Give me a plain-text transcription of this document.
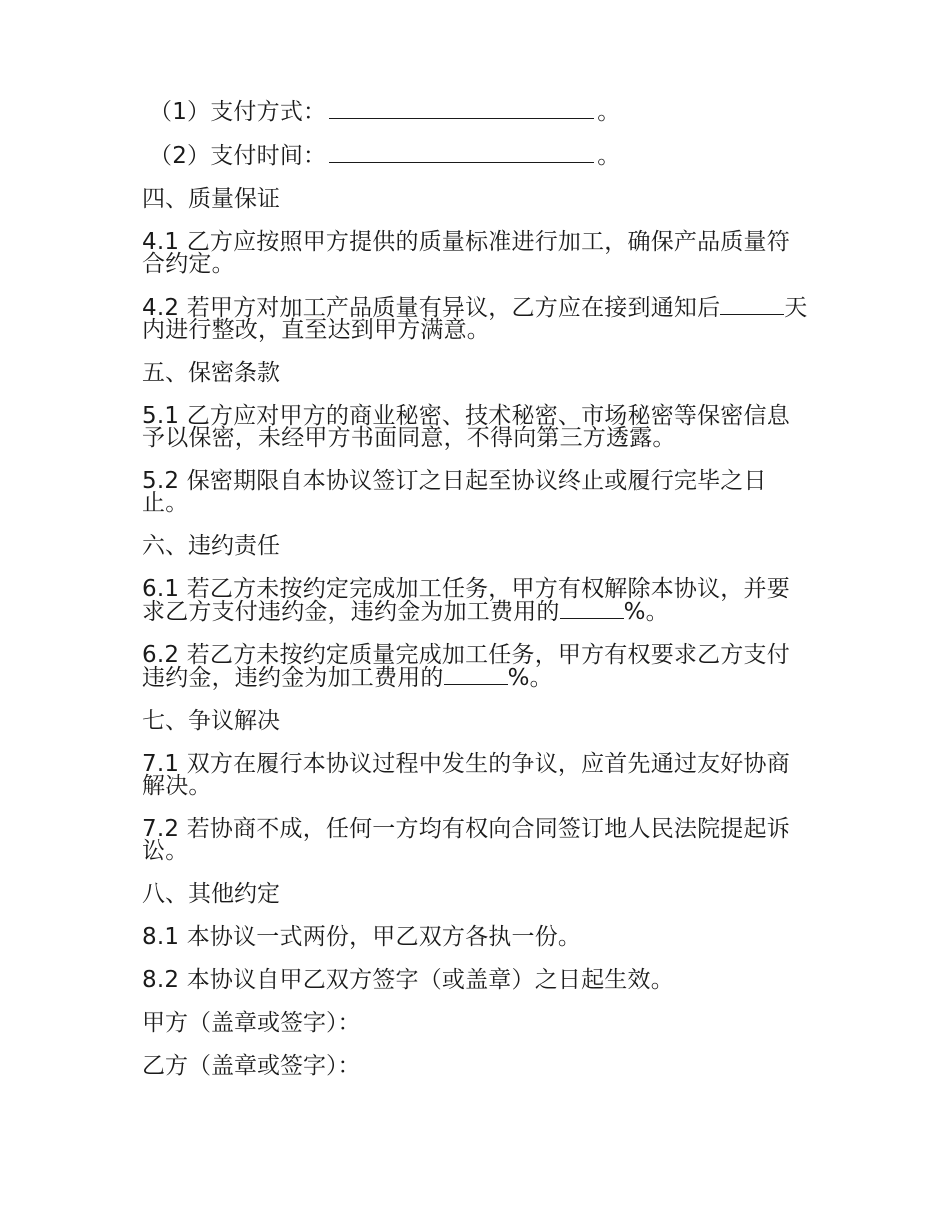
（1）支付方式：	。
（2）支付时间：	。
四、质量保证
4.1 乙方应按照甲方提供的质量标准进行加工，确保产品质量符合约定。
4.2 若甲方对加工产品质量有异议，乙方应在接到通知后	天内进行整改，直至达到甲方满意。
五、保密条款
5.1 乙方应对甲方的商业秘密、技术秘密、市场秘密等保密信息予以保密，未经甲方书面同意，不得向第三方透露。
5.2 保密期限自本协议签订之日起至协议终止或履行完毕之日止。
六、违约责任
6.1 若乙方未按约定完成加工任务，甲方有权解除本协议，并要求乙方支付违约金，违约金为加工费用的	%。
6.2 若乙方未按约定质量完成加工任务，甲方有权要求乙方支付违约金，违约金为加工费用的	%。
七、争议解决
7.1 双方在履行本协议过程中发生的争议，应首先通过友好协商解决。
7.2 若协商不成，任何一方均有权向合同签订地人民法院提起诉讼。
八、其他约定
8.1 本协议一式两份，甲乙双方各执一份。
8.2 本协议自甲乙双方签字（或盖章）之日起生效。
甲方（盖章或签字）：
乙方（盖章或签字）：
